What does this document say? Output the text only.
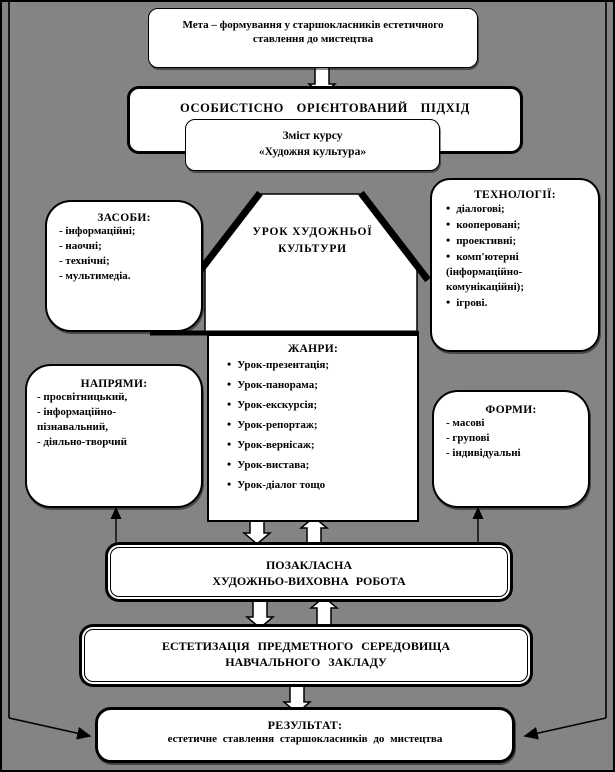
Мета – формування у старшокласників естетичного ставлення до мистецтва
ОСОБИСТІСНО ОРІЄНТОВАНИЙ ПІДХІД
Зміст курсу
«Художня культура»
ЗАСОБИ:
- інформаційні;
- наочні;
- технічні;
- мультимедіа.
ТЕХНОЛОГІЇ:
• діалогові;
• кооперовані;
• проективні;
• комп'ютерні (інформаційно-комунікаційні);
• ігрові.
УРОК ХУДОЖНЬОЇ
КУЛЬТУРИ
ЖАНРИ:
• Урок-презентація;
• Урок-панорама;
• Урок-екскурсія;
• Урок-репортаж;
• Урок-вернісаж;
• Урок-вистава;
• Урок-діалог тощо
НАПРЯМИ:
- просвітницький,
- інформаційно-пізнавальний,
- діяльно-творчий
ФОРМИ:
- масові
- групові
- індивідуальні
ПОЗАКЛАСНА
ХУДОЖНЬО-ВИХОВНА РОБОТА
ЕСТЕТИЗАЦІЯ ПРЕДМЕТНОГО СЕРЕДОВИЩА
НАВЧАЛЬНОГО ЗАКЛАДУ
РЕЗУЛЬТАТ:
естетичне ставлення старшокласників до мистецтва
